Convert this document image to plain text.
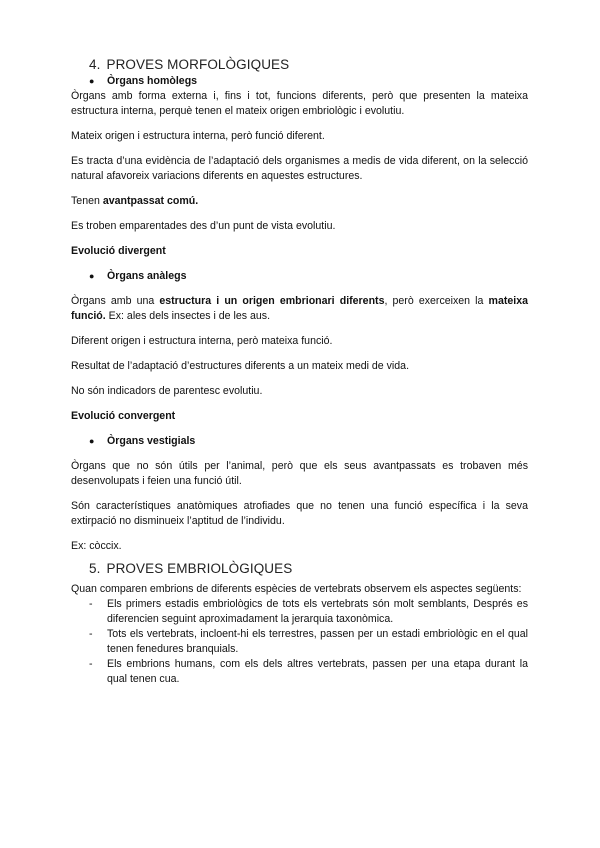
4. PROVES MORFOLÒGIQUES
●	Òrgans homòlegs

Òrgans amb forma externa i, fins i tot, funcions diferents, però que presenten la mateixa estructura interna, perquè tenen el mateix origen embriològic i evolutiu.

Mateix origen i estructura interna, però funció diferent.

Es tracta d’una evidència de l’adaptació dels organismes a medis de vida diferent, on la selecció natural afavoreix variacions diferents en aquestes estructures.

Tenen avantpassat comú.

Es troben emparentades des d’un punt de vista evolutiu.

Evolució divergent

●	Òrgans anàlegs

Òrgans amb una estructura i un origen embrionari diferents, però exerceixen la mateixa funció. Ex: ales dels insectes i de les aus.

Diferent origen i estructura interna, però mateixa funció.

Resultat de l’adaptació d’estructures diferents a un mateix medi de vida.

No són indicadors de parentesc evolutiu.

Evolució convergent

●	Òrgans vestigials

Òrgans que no són útils per l’animal, però que els seus avantpassats es trobaven més desenvolupats i feien una funció útil.

Són característiques anatòmiques atrofiades que no tenen una funció específica i la seva extirpació no disminueix l’aptitud de l’individu.

Ex: còccix.

5. PROVES EMBRIOLÒGIQUES

Quan comparen embrions de diferents espècies de vertebrats observem els aspectes següents:

-	Els primers estadis embriològics de tots els vertebrats són molt semblants, Després es diferencien seguint aproximadament la jerarquia taxonòmica.

-	Tots els vertebrats, incloent-hi els terrestres, passen per un estadi embriològic en el qual tenen fenedures branquials.

-	Els embrions humans, com els dels altres vertebrats, passen per una etapa durant la qual tenen cua.
